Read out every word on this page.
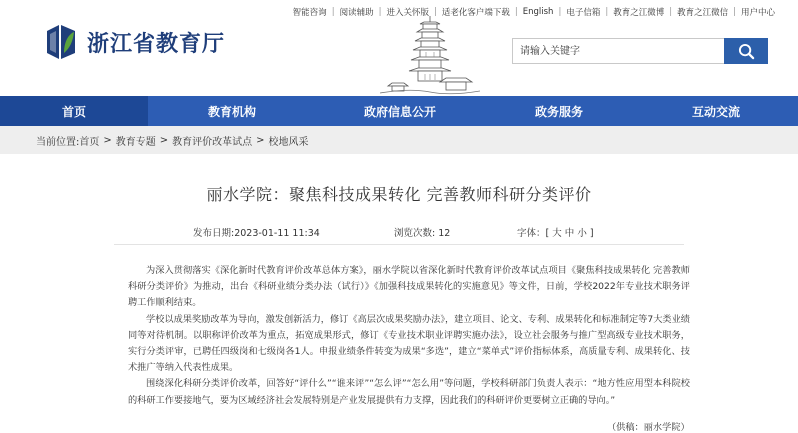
浙江省教育厅
请输入关键字
智能咨询 | 阅读辅助 | 进入关怀版 | 适老化客户端下载 | English | 电子信箱 | 教育之江微博 | 教育之江微信 | 用户中心
首页	教育机构	政府信息公开	政务服务	互动交流
当前位置: 首页 > 教育专题 > 教育评价改革试点 > 校地风采
丽水学院：聚焦科技成果转化 完善教师科研分类评价
发布日期:2023-01-11 11:34	浏览次数: 12	字体：[ 大 中 小 ]

为深入贯彻落实《深化新时代教育评价改革总体方案》，丽水学院以省深化新时代教育评价改革试点项目《聚焦科技成果转化 完善教师科研分类评价》为推动，出台《科研业绩分类办法（试行）》《加强科技成果转化的实施意见》等文件，日前，学校2022年专业技术职务评聘工作顺利结束。

学校以成果奖励改革为导向，激发创新活力，修订《高层次成果奖励办法》，建立项目、论文、专利、成果转化和标准制定等7大类业绩同等对待机制。以职称评价改革为重点，拓宽成果形式，修订《专业技术职业评聘实施办法》，设立社会服务与推广型高级专业技术职务，实行分类评审，已聘任四级岗和七级岗各1人。申报业绩条件转变为成果“多选”，建立“菜单式”评价指标体系，高质量专利、成果转化、技术推广等纳入代表性成果。

围绕深化科研分类评价改革，回答好“评什么”“谁来评”“怎么评”“怎么用”等问题，学校科研部门负责人表示：“地方性应用型本科院校的科研工作要接地气，要为区域经济社会发展特别是产业发展提供有力支撑，因此我们的科研评价更要树立正确的导向。”

（供稿：丽水学院）
